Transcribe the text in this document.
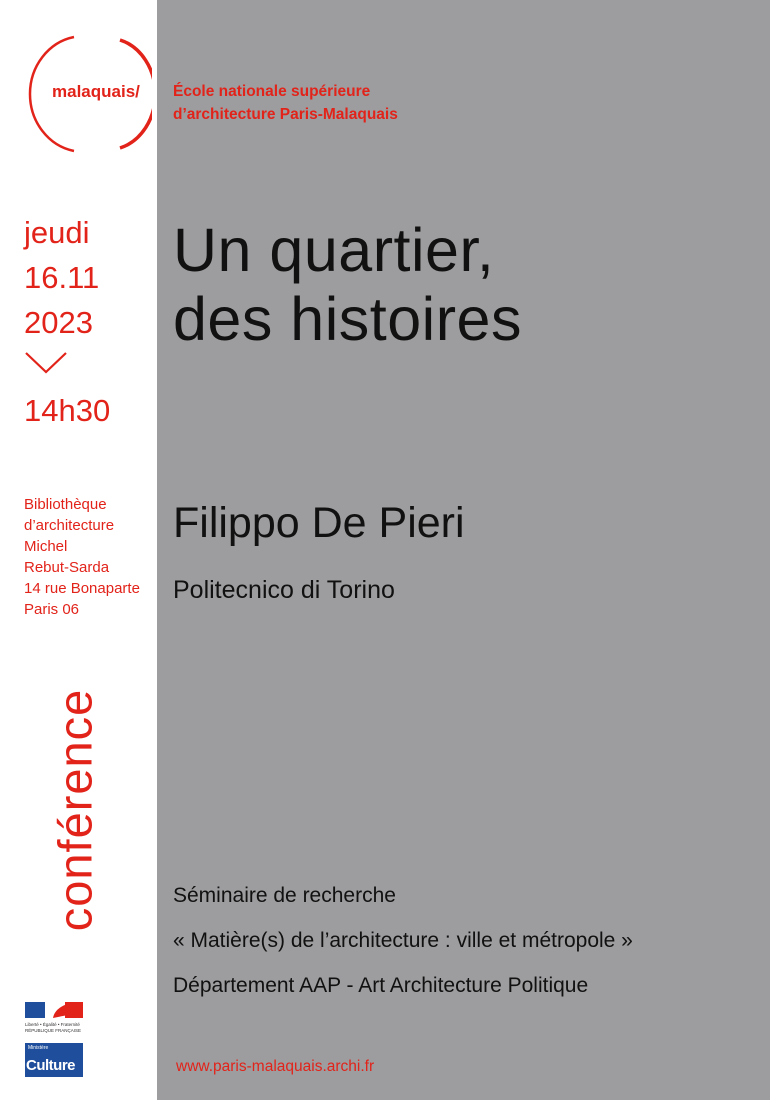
malaquais/ École nationale supérieure
d’architecture Paris-Malaquais
jeudi
16.11
2023
14h30
Bibliothèque
d’architecture
Michel
Rebut-Sarda
14 rue Bonaparte
Paris 06
conférence
Un quartier,
des histoires
Filippo De Pieri
Politecnico di Torino
Séminaire de recherche
« Matière(s) de l’architecture : ville et métropole »
Département AAP - Art Architecture Politique
www.paris-malaquais.archi.fr
Liberté • Égalité • Fraternité
RÉPUBLIQUE FRANÇAISE
Ministère
Culture
